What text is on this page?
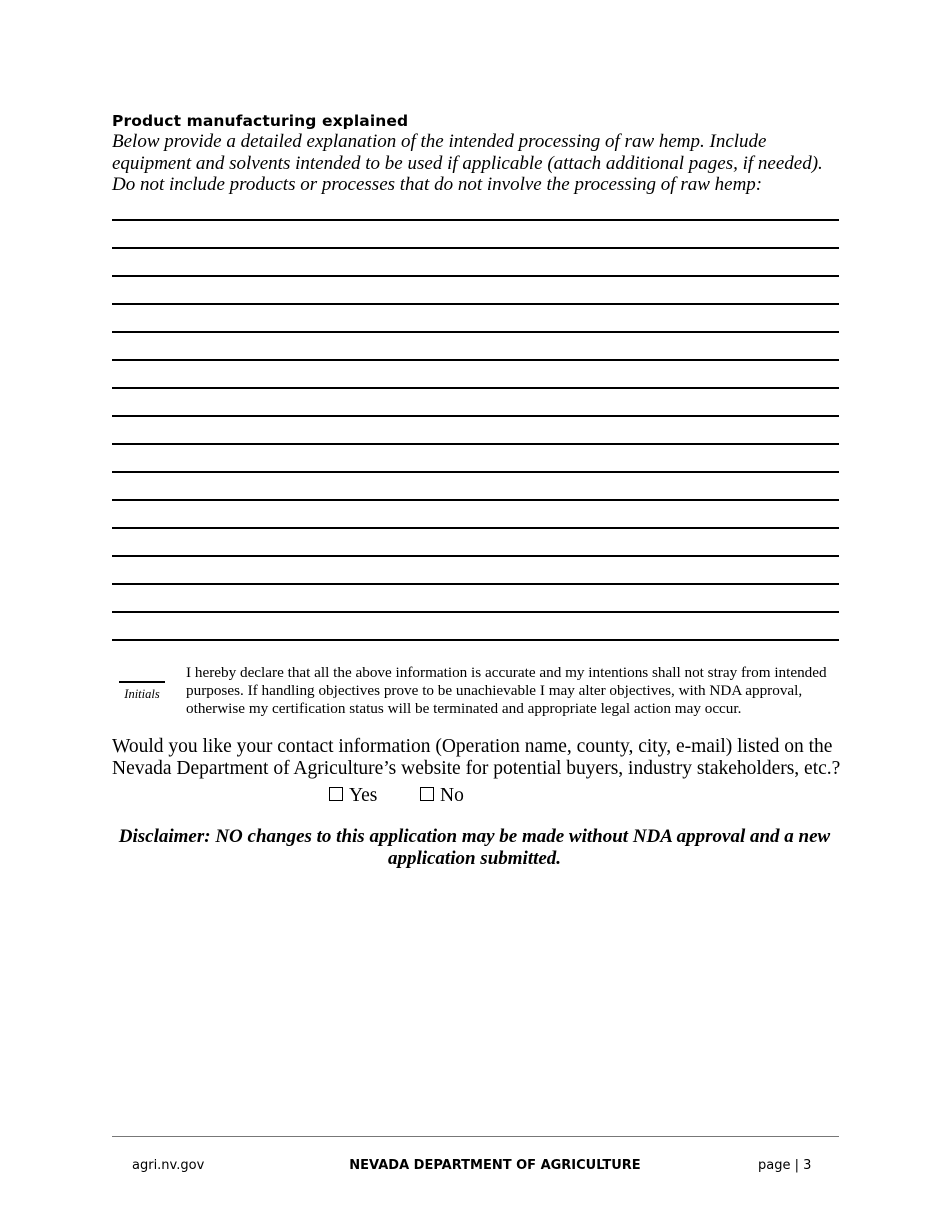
Product manufacturing explained
Below provide a detailed explanation of the intended processing of raw hemp. Include equipment and solvents intended to be used if applicable (attach additional pages, if needed). Do not include products or processes that do not involve the processing of raw hemp:
Initials
I hereby declare that all the above information is accurate and my intentions shall not stray from intended purposes. If handling objectives prove to be unachievable I may alter objectives, with NDA approval, otherwise my certification status will be terminated and appropriate legal action may occur.
Would you like your contact information (Operation name, county, city, e-mail) listed on the Nevada Department of Agriculture’s website for potential buyers, industry stakeholders, etc.?
Yes	No
Disclaimer: NO changes to this application may be made without NDA approval and a new application submitted.
agri.nv.gov	NEVADA DEPARTMENT OF AGRICULTURE	page | 3
